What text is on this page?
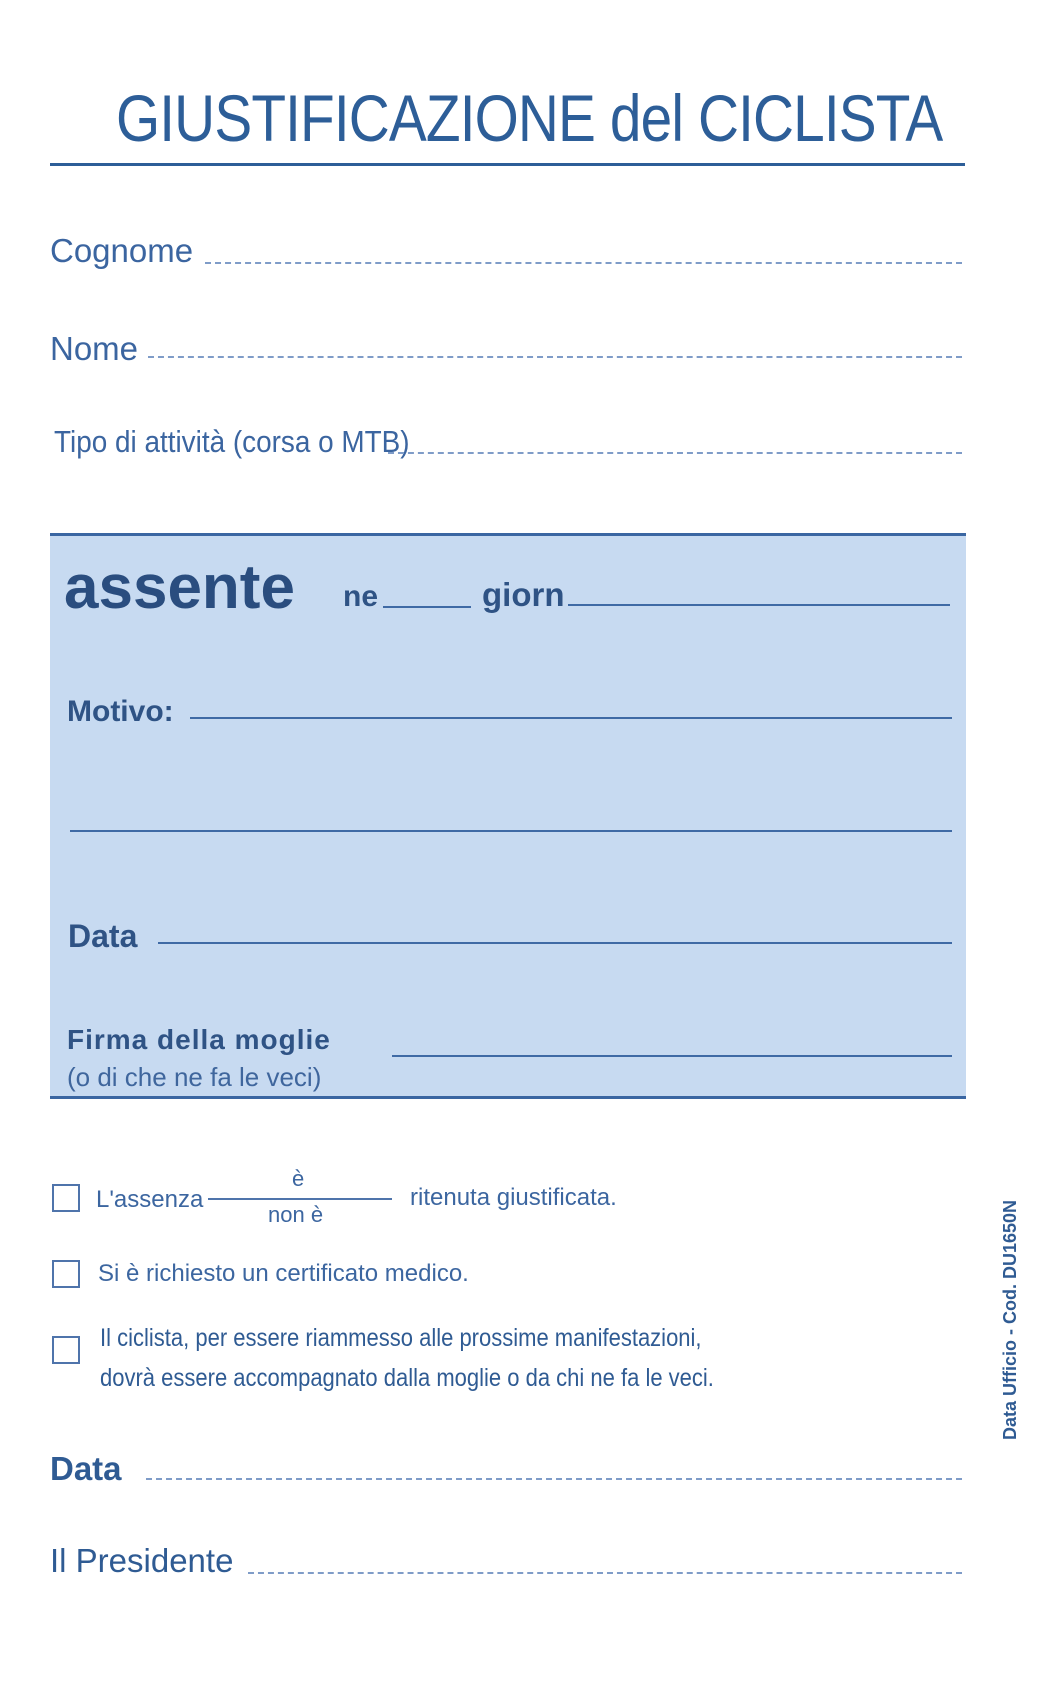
GIUSTIFICAZIONE del CICLISTA
Cognome
Nome
Tipo di attività (corsa o MTB)
assente ne	giorn
Motivo:
Data
Firma della moglie
(o di che ne fa le veci)
L'assenza
è
non è
ritenuta giustificata.
Si è richiesto un certificato medico.
Il ciclista, per essere riammesso alle prossime manifestazioni,
dovrà essere accompagnato dalla moglie o da chi ne fa le veci.
Data
Il Presidente
Data Ufficio - Cod. DU1650N
